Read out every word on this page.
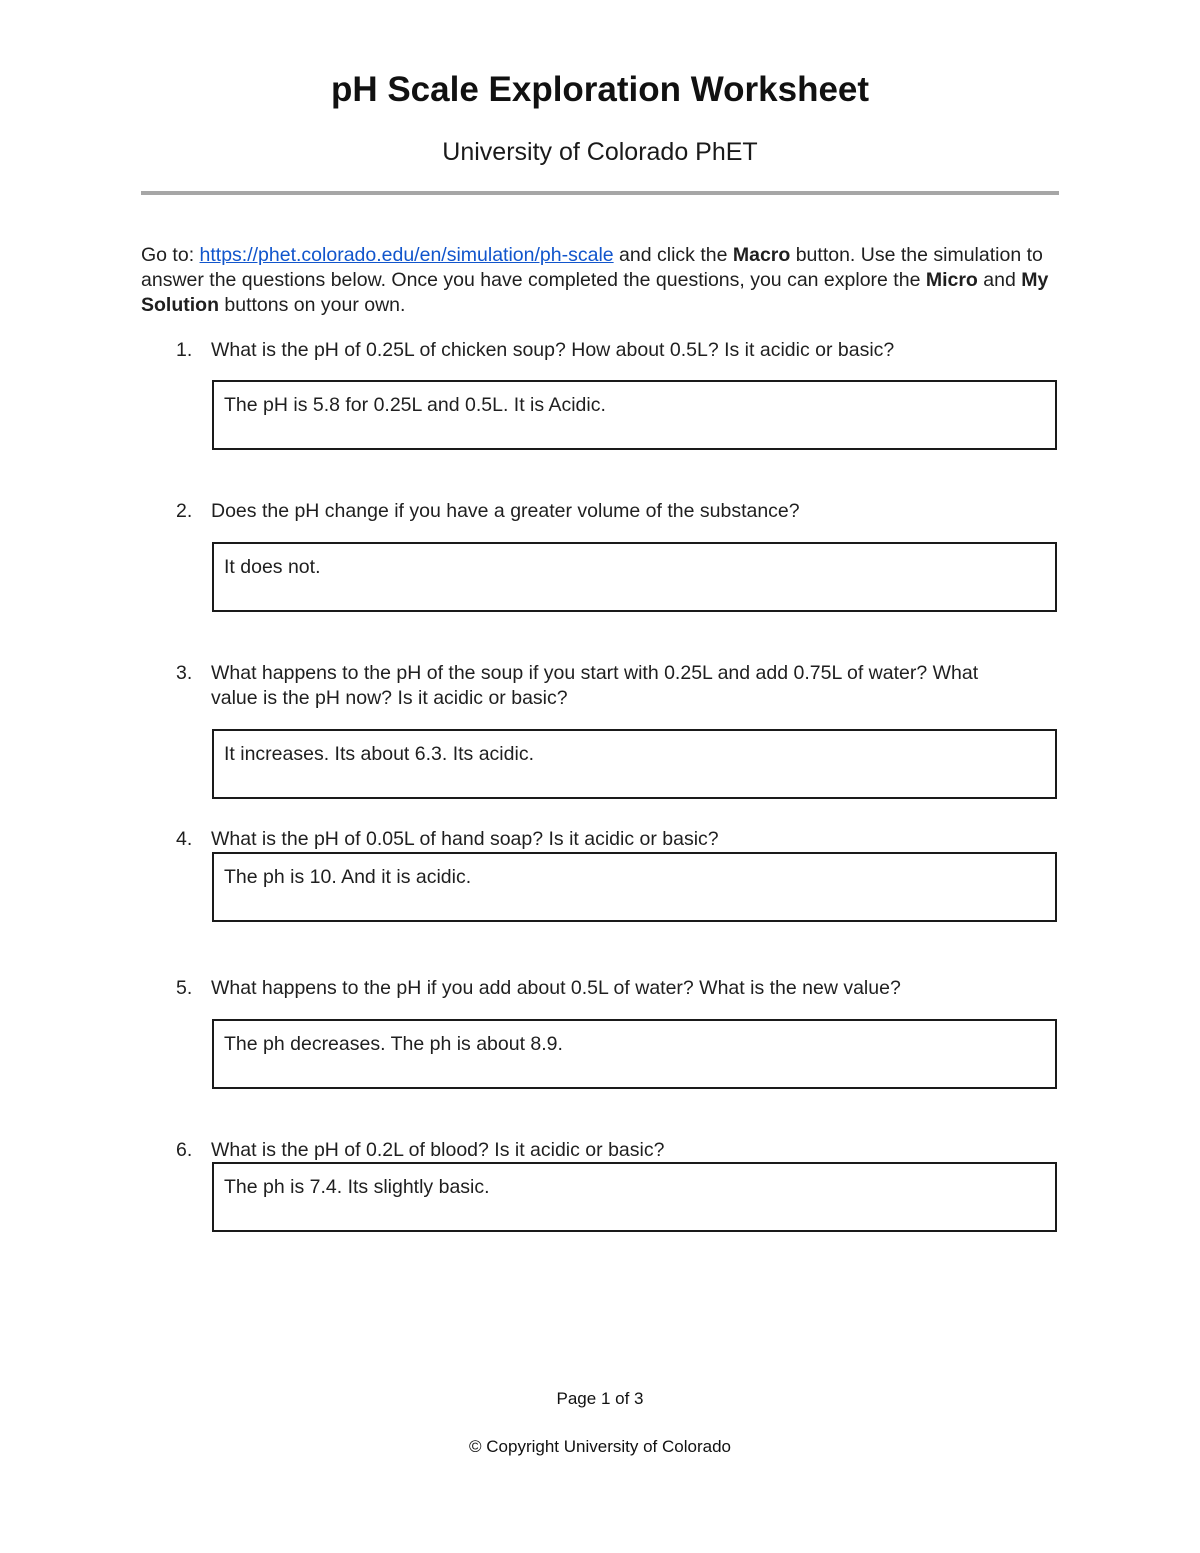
pH Scale Exploration Worksheet
University of Colorado PhET
Go to: https://phet.colorado.edu/en/simulation/ph-scale and click the Macro button. Use the simulation to answer the questions below. Once you have completed the questions, you can explore the Micro and My Solution buttons on your own.
1. What is the pH of 0.25L of chicken soup? How about 0.5L? Is it acidic or basic?
The pH is 5.8 for 0.25L and 0.5L. It is Acidic.
2. Does the pH change if you have a greater volume of the substance?
It does not.
3. What happens to the pH of the soup if you start with 0.25L and add 0.75L of water? What value is the pH now? Is it acidic or basic?
It increases. Its about 6.3. Its acidic.
4. What is the pH of 0.05L of hand soap? Is it acidic or basic?
The ph is 10. And it is acidic.
5. What happens to the pH if you add about 0.5L of water? What is the new value?
The ph decreases. The ph is about 8.9.
6. What is the pH of 0.2L of blood? Is it acidic or basic?
The ph is 7.4. Its slightly basic.
Page 1 of 3
© Copyright University of Colorado
